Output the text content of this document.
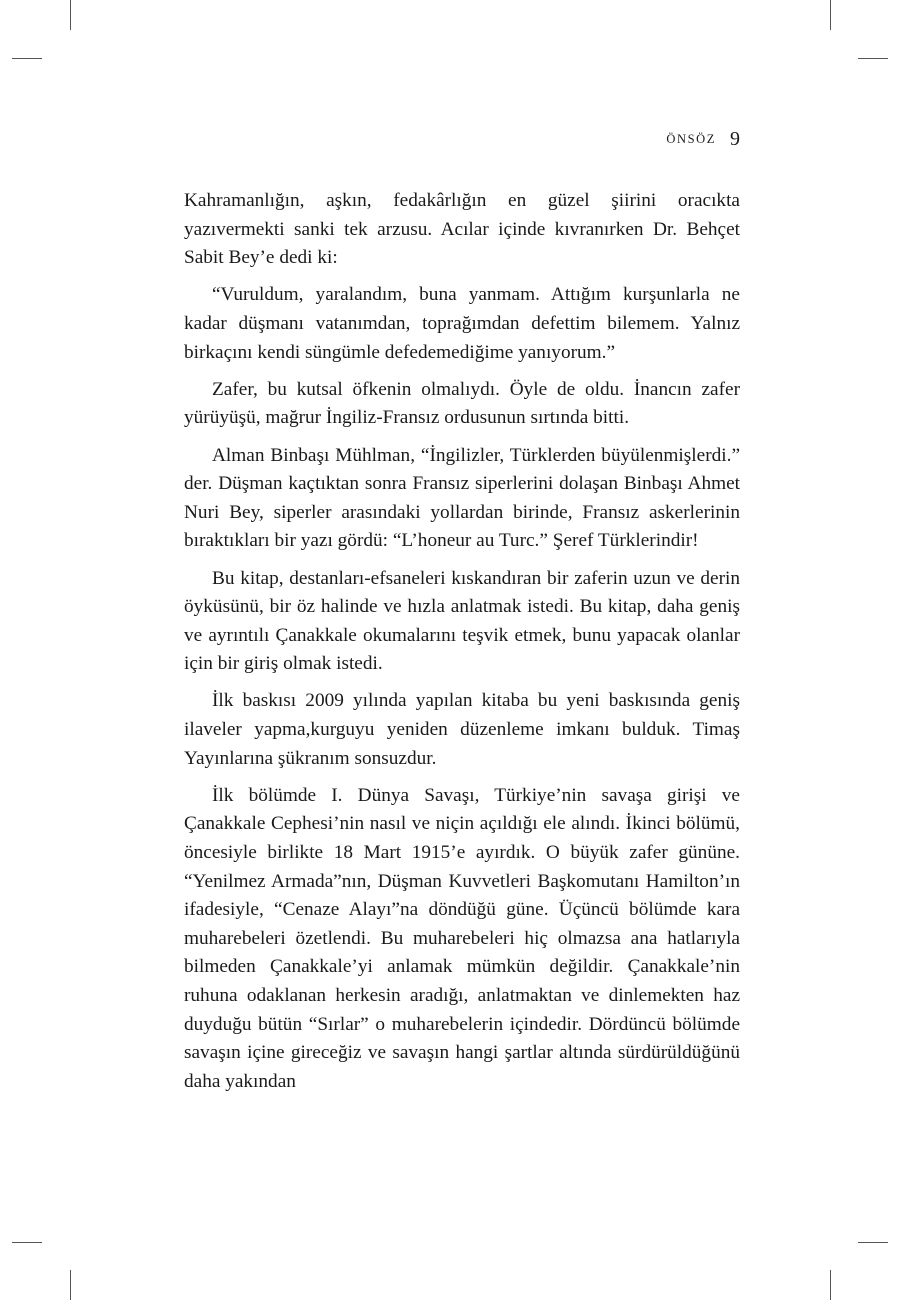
ÖNSÖZ 9

Kahramanlığın, aşkın, fedakârlığın en güzel şiirini oracıkta yazıvermekti sanki tek arzusu. Acılar içinde kıvranırken Dr. Behçet Sabit Bey’e dedi ki:

“Vuruldum, yaralandım, buna yanmam. Attığım kurşunlarla ne kadar düşmanı vatanımdan, toprağımdan defettim bilemem. Yalnız birkaçını kendi süngümle defedemediğime yanıyorum.”

Zafer, bu kutsal öfkenin olmalıydı. Öyle de oldu. İnancın zafer yürüyüşü, mağrur İngiliz-Fransız ordusunun sırtında bitti.

Alman Binbaşı Mühlman, “İngilizler, Türklerden büyülenmişlerdi.” der. Düşman kaçtıktan sonra Fransız siperlerini dolaşan Binbaşı Ahmet Nuri Bey, siperler arasındaki yollardan birinde, Fransız askerlerinin bıraktıkları bir yazı gördü: “L’honeur au Turc.” Şeref Türklerindir!

Bu kitap, destanları-efsaneleri kıskandıran bir zaferin uzun ve derin öyküsünü, bir öz halinde ve hızla anlatmak istedi. Bu kitap, daha geniş ve ayrıntılı Çanakkale okumalarını teşvik etmek, bunu yapacak olanlar için bir giriş olmak istedi.

İlk baskısı 2009 yılında yapılan kitaba bu yeni baskısında geniş ilaveler yapma,kurguyu yeniden düzenleme imkanı bulduk. Timaş Yayınlarına şükranım sonsuzdur.

İlk bölümde I. Dünya Savaşı, Türkiye’nin savaşa girişi ve Çanakkale Cephesi’nin nasıl ve niçin açıldığı ele alındı. İkinci bölümü, öncesiyle birlikte 18 Mart 1915’e ayırdık. O büyük zafer gününe. “Yenilmez Armada”nın, Düşman Kuvvetleri Başkomutanı Hamilton’ın ifadesiyle, “Cenaze Alayı”na döndüğü güne. Üçüncü bölümde kara muharebeleri özetlendi. Bu muharebeleri hiç olmazsa ana hatlarıyla bilmeden Çanakkale’yi anlamak mümkün değildir. Çanakkale’nin ruhuna odaklanan herkesin aradığı, anlatmaktan ve dinlemekten haz duyduğu bütün “Sırlar” o muharebelerin içindedir. Dördüncü bölümde savaşın içine gireceğiz ve savaşın hangi şartlar altında sürdürüldüğünü daha yakından
